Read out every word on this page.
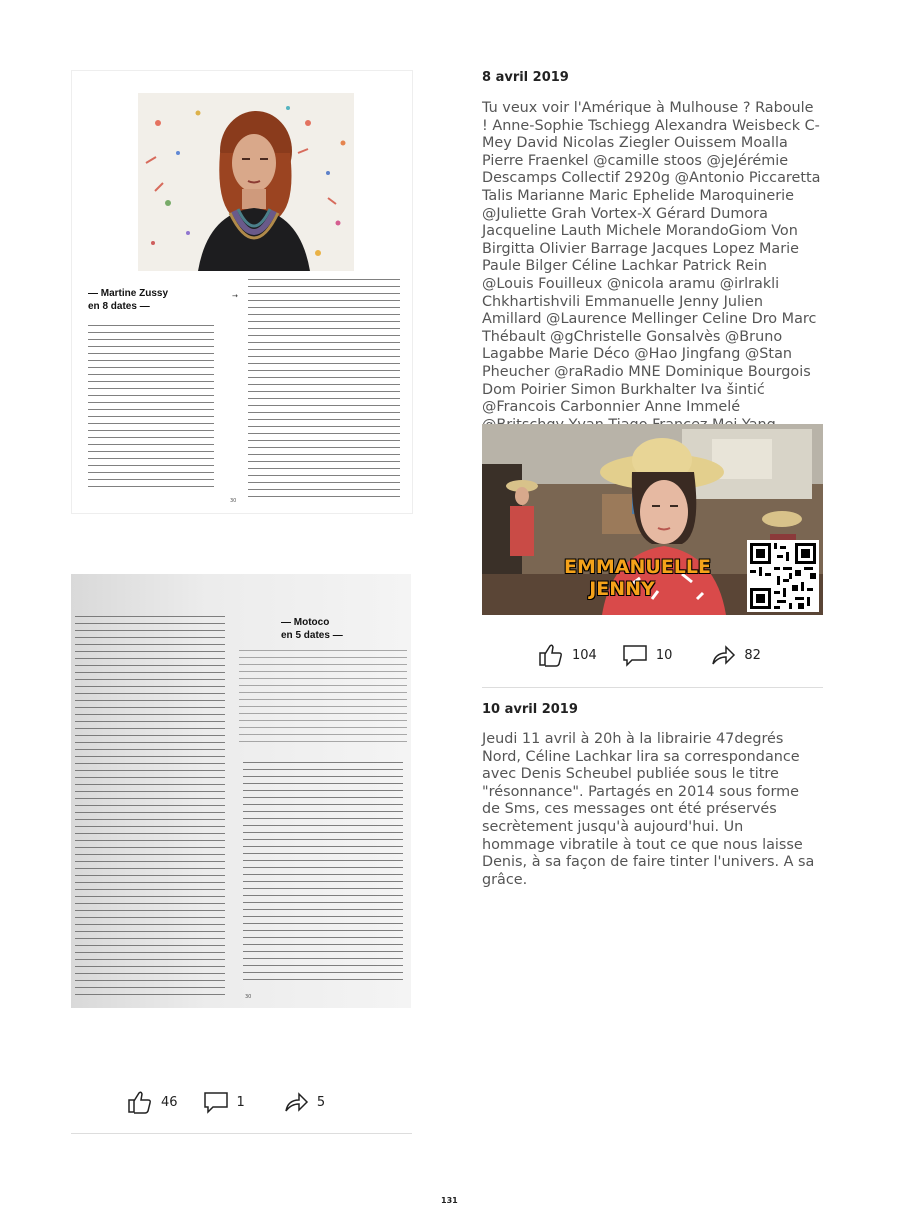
— Martine Zussy
en 8 dates —
→
30
— Motoco
en 5 dates —
30
46	1	5
8 avril 2019
Tu veux voir l'Amérique à Mulhouse ? Raboule ! Anne-Sophie Tschiegg Alexandra Weisbeck C-Mey David Nicolas Ziegler Ouissem Moalla Pierre Fraenkel @camille stoos @jeJérémie Descamps Collectif 2920g @Antonio Piccaretta Talis Marianne Maric Ephelide Maroquinerie @Juliette Grah Vortex-X Gérard Dumora Jacqueline Lauth Michele MorandoGiom Von Birgitta Olivier Barrage Jacques Lopez Marie Paule Bilger Céline Lachkar Patrick Rein @Louis Fouilleux @nicola aramu @irlrakli Chkhartishvili Emmanuelle Jenny Julien Amillard @Laurence Mellinger Celine Dro Marc Thébault @gChristelle Gonsalvès @Bruno Lagabbe Marie Déco @Hao Jingfang @Stan Pheucher @raRadio MNE Dominique Bourgois Dom Poirier Simon Burkhalter Iva šintić @Francois Carbonnier Anne Immelé
EMMANUELLE
JENNY
104	10	82
10 avril 2019
Jeudi 11 avril à 20h à la librairie 47degrés Nord, Céline Lachkar lira sa correspondance avec Denis Scheubel publiée sous le titre "résonnance". Partagés en 2014 sous forme de Sms, ces messages ont été préservés secrètement jusqu'à aujourd'hui. Un hommage vibratile à tout ce que nous laisse Denis, à sa façon de faire tinter l'univers. A sa grâce.
131
